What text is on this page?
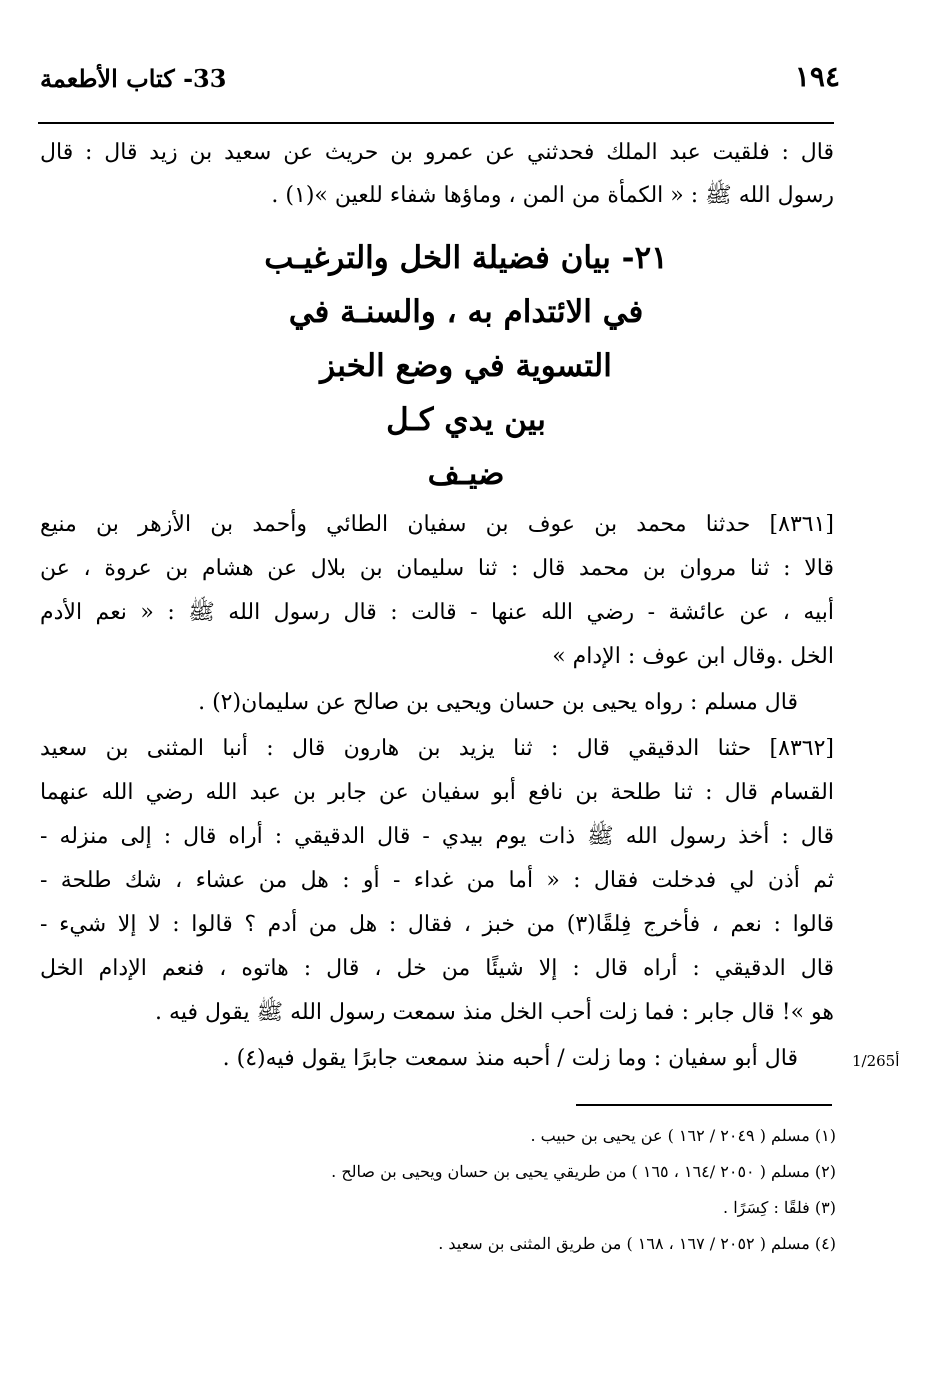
33- كتاب الأطعمة	١٩٤
قال : فلقيت عبد الملك فحدثني عن عمرو بن حريث عن سعيد بن زيد قال : قال
رسول الله ﷺ : « الكمأة من المن ، وماؤها شفاء للعين »(١) .
٢١- بيان فضيلة الخل والترغيـب
في الائتدام به ، والسنـة في
التسوية في وضع الخبز
بين يدي كـل
ضيـف
[٨٣٦١] حدثنا محمد بن عوف بن سفيان الطائي وأحمد بن الأزهر بن منيع
قالا : ثنا مروان بن محمد قال : ثنا سليمان بن بلال عن هشام بن عروة ، عن
أبيه ، عن عائشة - رضي الله عنها - قالت : قال رسول الله ﷺ : « نعم الأدم
الخل .وقال ابن عوف : الإدام »
قال مسلم : رواه يحيى بن حسان ويحيى بن صالح عن سليمان(٢) .
[٨٣٦٢] حثنا الدقيقي قال : ثنا يزيد بن هارون قال : أنبا المثنى بن سعيد
القسام قال : ثنا طلحة بن نافع أبو سفيان عن جابر بن عبد الله رضي الله عنهما
قال : أخذ رسول الله ﷺ ذات يوم بيدي - قال الدقيقي : أراه قال : إلى منزله -
ثم أذن لي فدخلت فقال : « أما من غداء - أو : هل من عشاء ، شك طلحة -
قالوا : نعم ، فأخرج فِلقًا(٣) من خبز ، فقال : هل من أدم ؟ قالوا : لا إلا شيء -
قال الدقيقي : أراه قال : إلا شيئًا من خل ، قال : هاتوه ، فنعم الإدام الخل
هو »! قال جابر : فما زلت أحب الخل منذ سمعت رسول الله ﷺ يقول فيه .
قال أبو سفيان : وما زلت / أحبه منذ سمعت جابرًا يقول فيه(٤) .	1/265أ
(١) مسلم ( ٢٠٤٩ / ١٦٢ ) عن يحيى بن حبيب .
(٢) مسلم ( ٢٠٥٠ /١٦٤ ، ١٦٥ ) من طريقي يحيى بن حسان ويحيى بن صالح .
(٣) فلقًا : كِسَرًا .
(٤) مسلم ( ٢٠٥٢ / ١٦٧ ، ١٦٨ ) من طريق المثنى بن سعيد .
